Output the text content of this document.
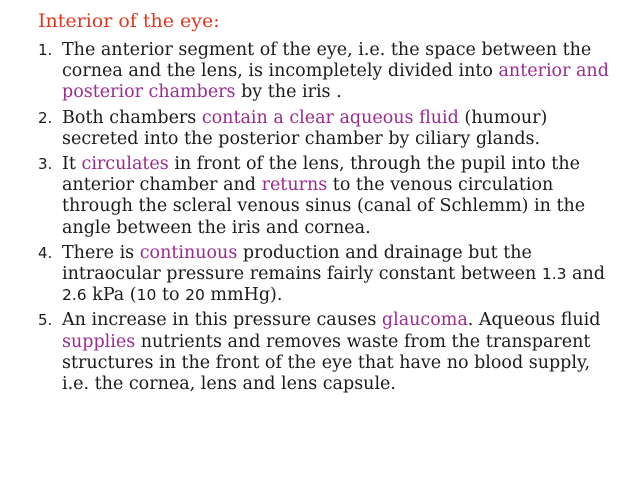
Interior of the eye:
1. The anterior segment of the eye, i.e. the space between the cornea and the lens, is incompletely divided into anterior and posterior chambers by the iris .
2. Both chambers contain a clear aqueous fluid (humour) secreted into the posterior chamber by ciliary glands.
3. It circulates in front of the lens, through the pupil into the anterior chamber and returns to the venous circulation through the scleral venous sinus (canal of Schlemm) in the angle between the iris and cornea.
4. There is continuous production and drainage but the intraocular pressure remains fairly constant between 1.3 and 2.6 kPa (10 to 20 mmHg).
5. An increase in this pressure causes glaucoma. Aqueous fluid supplies nutrients and removes waste from the transparent structures in the front of the eye that have no blood supply, i.e. the cornea, lens and lens capsule.
